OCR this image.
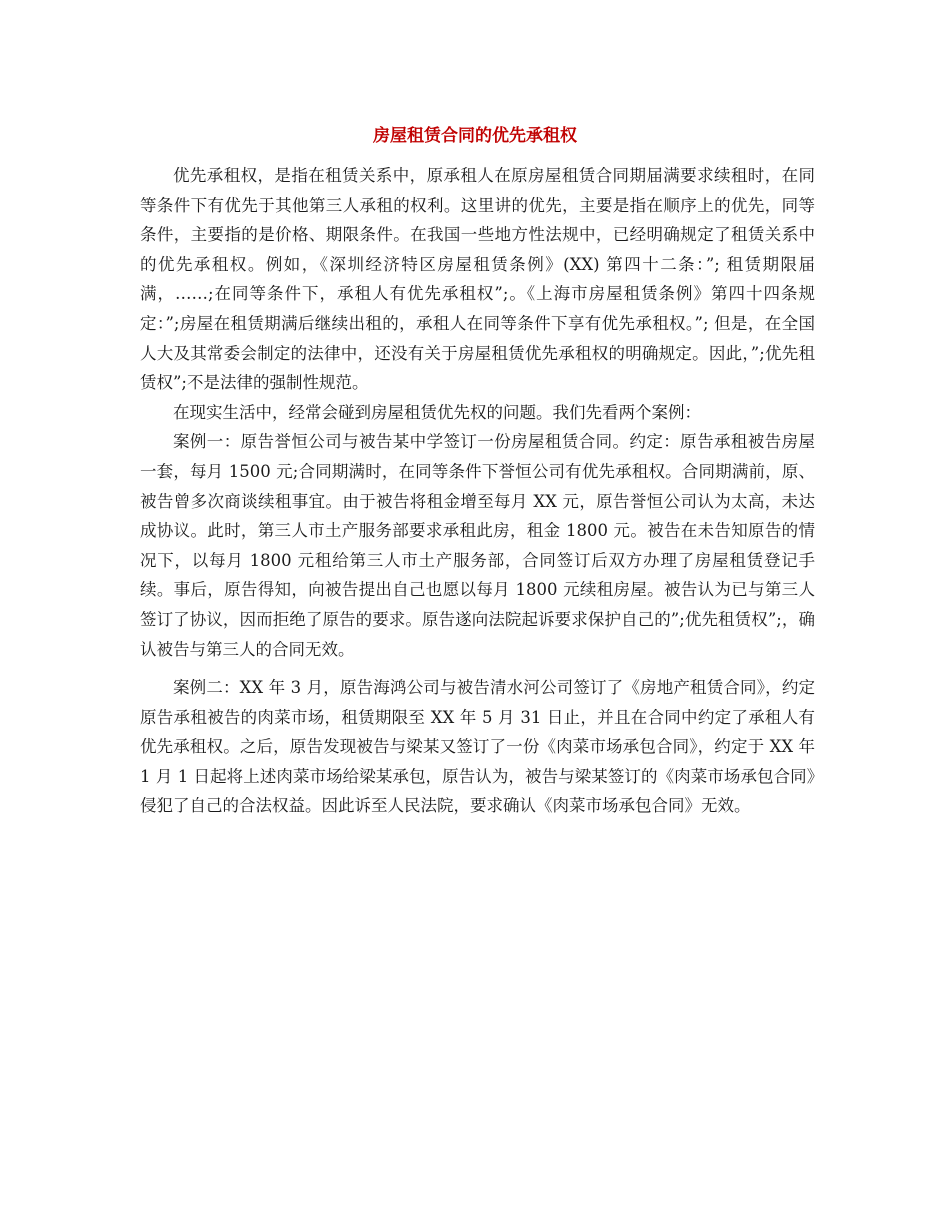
房屋租赁合同的优先承租权

优先承租权，是指在租赁关系中，原承租人在原房屋租赁合同期届满要求续租时，在同等条件下有优先于其他第三人承租的权利。这里讲的优先，主要是指在顺序上的优先，同等条件，主要指的是价格、期限条件。在我国一些地方性法规中，已经明确规定了租赁关系中的优先承租权。例如，《深圳经济特区房屋租赁条例》(XX) 第四十二条：”; 租赁期限届满，……;在同等条件下，承租人有优先承租权”;。《上海市房屋租赁条例》第四十四条规定：”;房屋在租赁期满后继续出租的，承租人在同等条件下享有优先承租权。”; 但是，在全国人大及其常委会制定的法律中，还没有关于房屋租赁优先承租权的明确规定。因此，”;优先租赁权”;不是法律的强制性规范。

在现实生活中，经常会碰到房屋租赁优先权的问题。我们先看两个案例：

案例一：原告誉恒公司与被告某中学签订一份房屋租赁合同。约定：原告承租被告房屋一套，每月 1500 元;合同期满时，在同等条件下誉恒公司有优先承租权。合同期满前，原、被告曾多次商谈续租事宜。由于被告将租金增至每月 XX 元，原告誉恒公司认为太高，未达成协议。此时，第三人市土产服务部要求承租此房，租金 1800 元。被告在未告知原告的情况下，以每月 1800 元租给第三人市土产服务部，合同签订后双方办理了房屋租赁登记手续。事后，原告得知，向被告提出自己也愿以每月 1800 元续租房屋。被告认为已与第三人签订了协议，因而拒绝了原告的要求。原告遂向法院起诉要求保护自己的”;优先租赁权”;，确认被告与第三人的合同无效。

案例二：XX 年 3 月，原告海鸿公司与被告清水河公司签订了《房地产租赁合同》，约定原告承租被告的肉菜市场，租赁期限至 XX 年 5 月 31 日止，并且在合同中约定了承租人有优先承租权。之后，原告发现被告与梁某又签订了一份《肉菜市场承包合同》，约定于 XX 年 1 月 1 日起将上述肉菜市场给梁某承包，原告认为，被告与梁某签订的《肉菜市场承包合同》侵犯了自己的合法权益。因此诉至人民法院，要求确认《肉菜市场承包合同》无效。
